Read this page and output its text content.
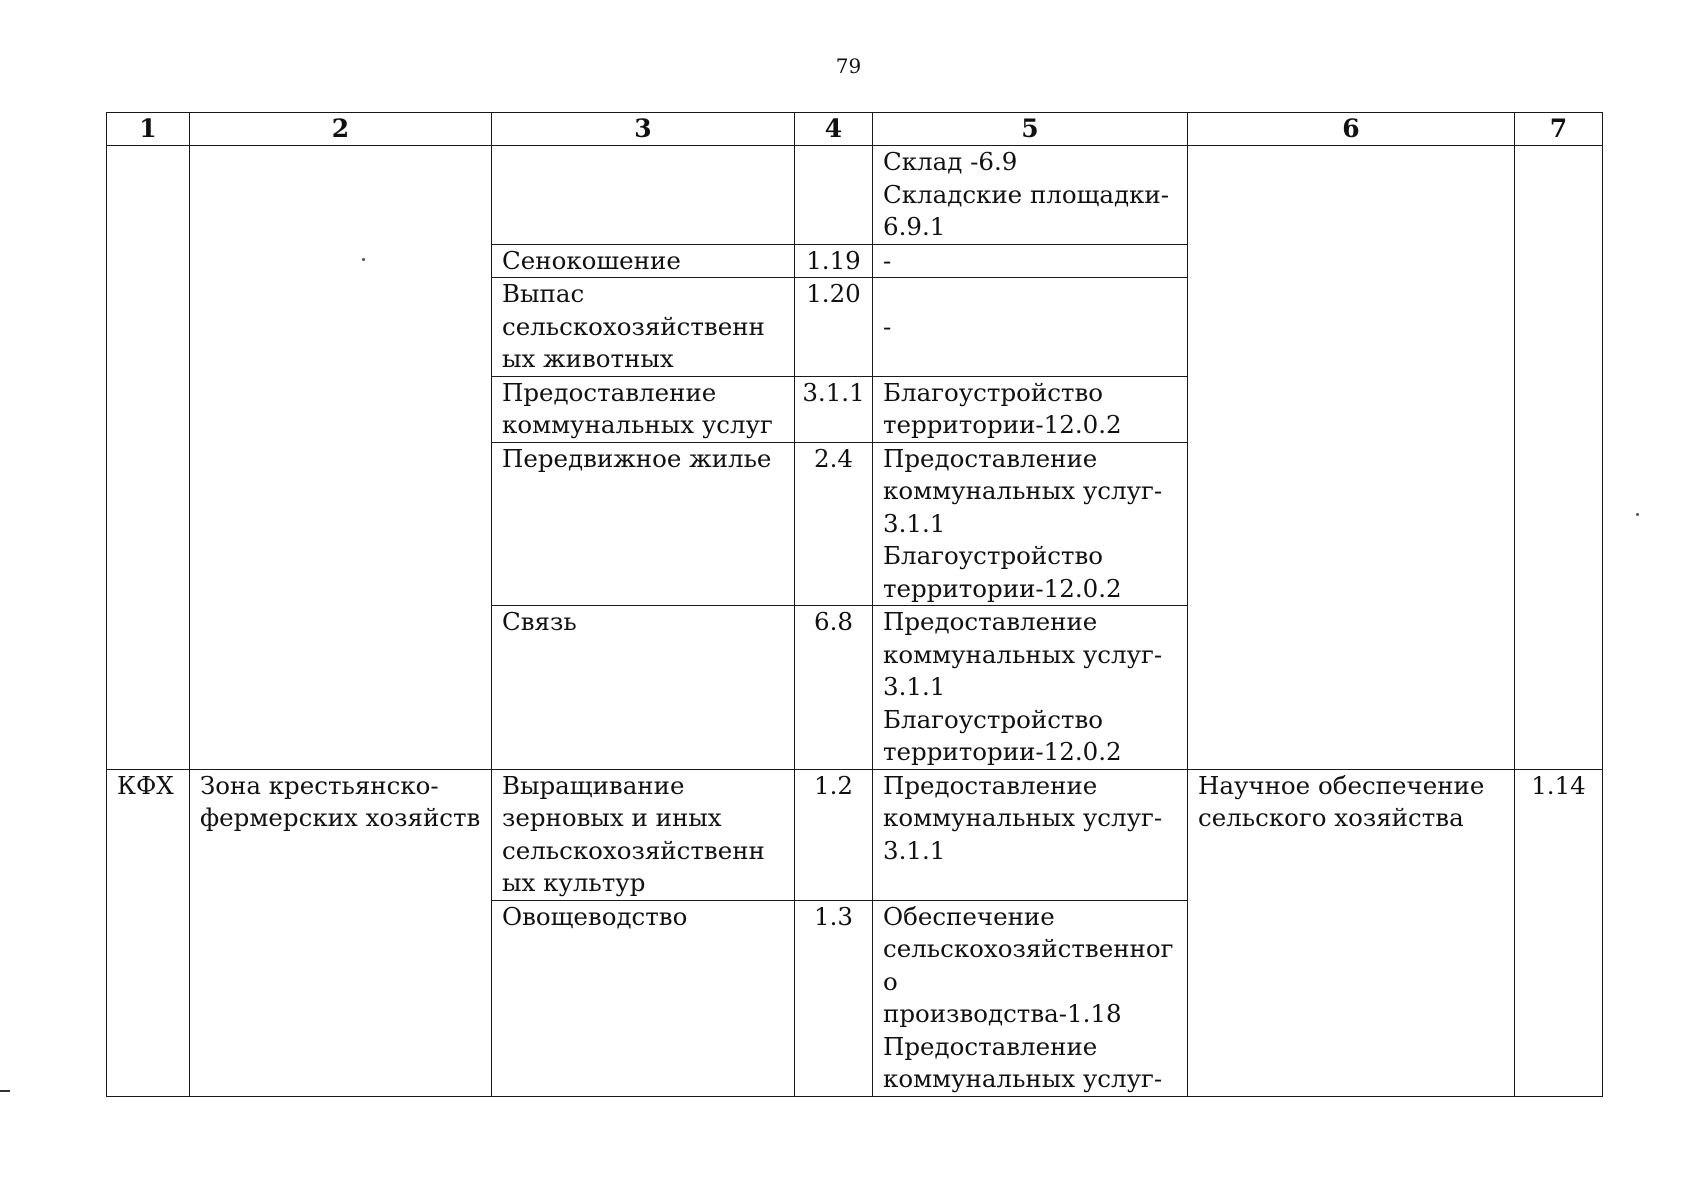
79
1	2	3	4	5	6	7

				Склад -6.9
Складские площадки-
6.9.1		

		Сенокошение	1.19	-		

		Выпас сельскохозяйственных животных	1.20	-		

		Предоставление коммунальных услуг	3.1.1	Благоустройство
территории-12.0.2		

		Передвижное жилье	2.4	Предоставление
коммунальных услуг-
3.1.1
Благоустройство
территории-12.0.2		

		Связь	6.8	Предоставление
коммунальных услуг-
3.1.1
Благоустройство
территории-12.0.2		

КФХ	Зона крестьянско-фермерских хозяйств	Выращивание зерновых и иных сельскохозяйственных культур	1.2	Предоставление
коммунальных услуг-
3.1.1	Научное обеспечение сельского хозяйства	1.14
		Овощеводство	1.3	Обеспечение
сельскохозяйственного
производства-1.18
Предоставление
коммунальных услуг-		
